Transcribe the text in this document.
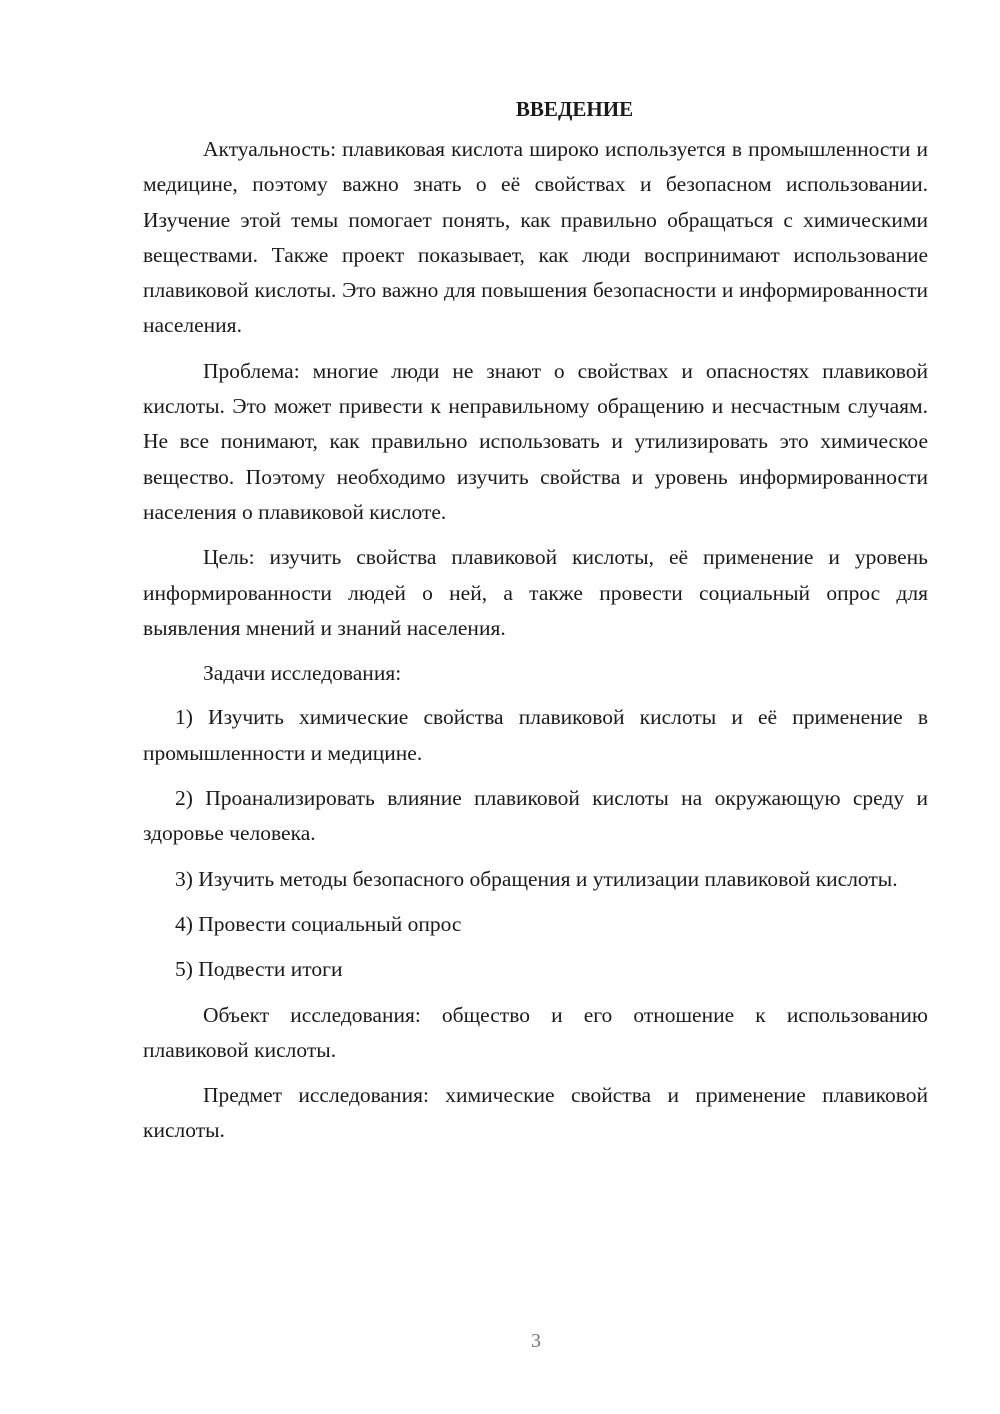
ВВЕДЕНИЕ

Актуальность: плавиковая кислота широко используется в промышленности и медицине, поэтому важно знать о её свойствах и безопасном использовании. Изучение этой темы помогает понять, как правильно обращаться с химическими веществами. Также проект показывает, как люди воспринимают использование плавиковой кислоты. Это важно для повышения безопасности и информированности населения.

Проблема: многие люди не знают о свойствах и опасностях плавиковой кислоты. Это может привести к неправильному обращению и несчастным случаям. Не все понимают, как правильно использовать и утилизировать это химическое вещество. Поэтому необходимо изучить свойства и уровень информированности населения о плавиковой кислоте.

Цель: изучить свойства плавиковой кислоты, её применение и уровень информированности людей о ней, а также провести социальный опрос для выявления мнений и знаний населения.

Задачи исследования:

1) Изучить химические свойства плавиковой кислоты и её применение в промышленности и медицине.

2) Проанализировать влияние плавиковой кислоты на окружающую среду и здоровье человека.

3) Изучить методы безопасного обращения и утилизации плавиковой кислоты.

4) Провести социальный опрос

5) Подвести итоги

Объект исследования: общество и его отношение к использованию плавиковой кислоты.

Предмет исследования: химические свойства и применение плавиковой кислоты.

3
